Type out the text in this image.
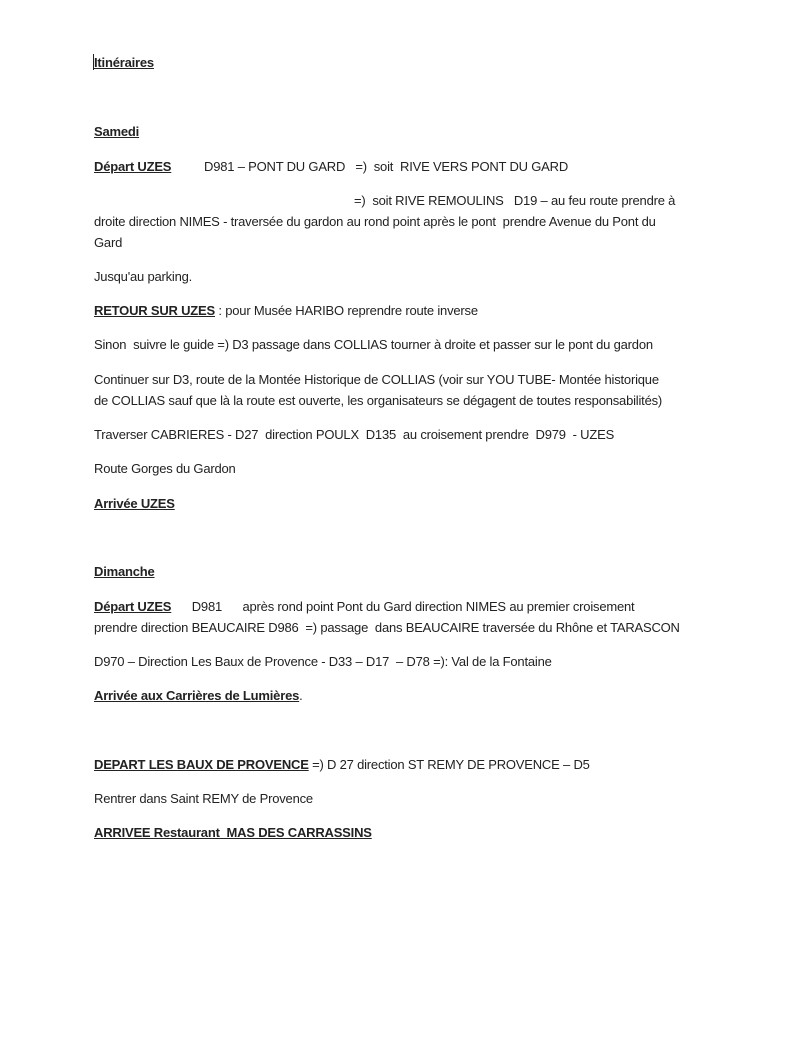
Itinéraires
Samedi
Départ UZES	D981 – PONT DU GARD   =)  soit  RIVE VERS PONT DU GARD
=)  soit RIVE REMOULINS   D19 – au feu route prendre à
droite direction NIMES - traversée du gardon au rond point après le pont  prendre Avenue du Pont du
Gard
Jusqu'au parking.
RETOUR SUR UZES : pour Musée HARIBO reprendre route inverse
Sinon  suivre le guide =) D3 passage dans COLLIAS tourner à droite et passer sur le pont du gardon
Continuer sur D3, route de la Montée Historique de COLLIAS (voir sur YOU TUBE- Montée historique
de COLLIAS sauf que là la route est ouverte, les organisateurs se dégagent de toutes responsabilités)
Traverser CABRIERES - D27  direction POULX  D135  au croisement prendre  D979  - UZES
Route Gorges du Gardon
Arrivée UZES
Dimanche
Départ UZES      D981      après rond point Pont du Gard direction NIMES au premier croisement
prendre direction BEAUCAIRE D986  =) passage  dans BEAUCAIRE traversée du Rhône et TARASCON
D970 – Direction Les Baux de Provence - D33 – D17  – D78 =): Val de la Fontaine
Arrivée aux Carrières de Lumières.
DEPART LES BAUX DE PROVENCE =) D 27 direction ST REMY DE PROVENCE – D5
Rentrer dans Saint REMY de Provence
ARRIVEE Restaurant  MAS DES CARRASSINS
